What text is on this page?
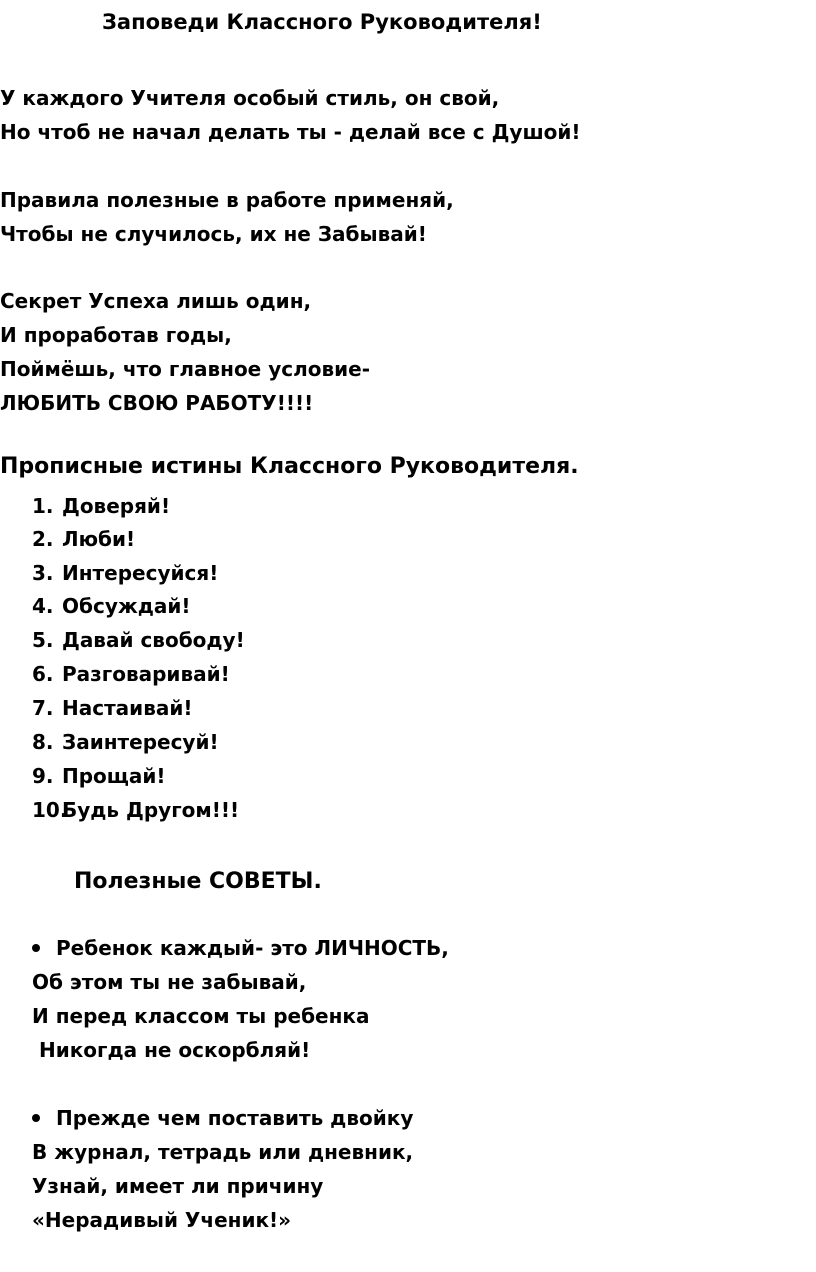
Заповеди Классного Руководителя!
У каждого Учителя особый стиль, он свой,
Но чтоб не начал делать ты - делай все с Душой!
Правила полезные в работе применяй,
Чтобы не случилось, их не Забывай!
Секрет Успеха лишь один,
И проработав годы,
Поймёшь, что главное условие-
ЛЮБИТЬ СВОЮ РАБОТУ!!!!
Прописные истины Классного Руководителя.
1. Доверяй!
2. Люби!
3. Интересуйся!
4. Обсуждай!
5. Давай свободу!
6. Разговаривай!
7. Настаивай!
8. Заинтересуй!
9. Прощай!
10.Будь Другом!!!
Полезные СОВЕТЫ.
Ребенок каждый- это ЛИЧНОСТЬ,
Об этом ты не забывай,
И перед классом ты ребенка
Никогда не оскорбляй!
Прежде чем поставить двойку
В журнал, тетрадь или дневник,
Узнай, имеет ли причину
«Нерадивый Ученик!»
